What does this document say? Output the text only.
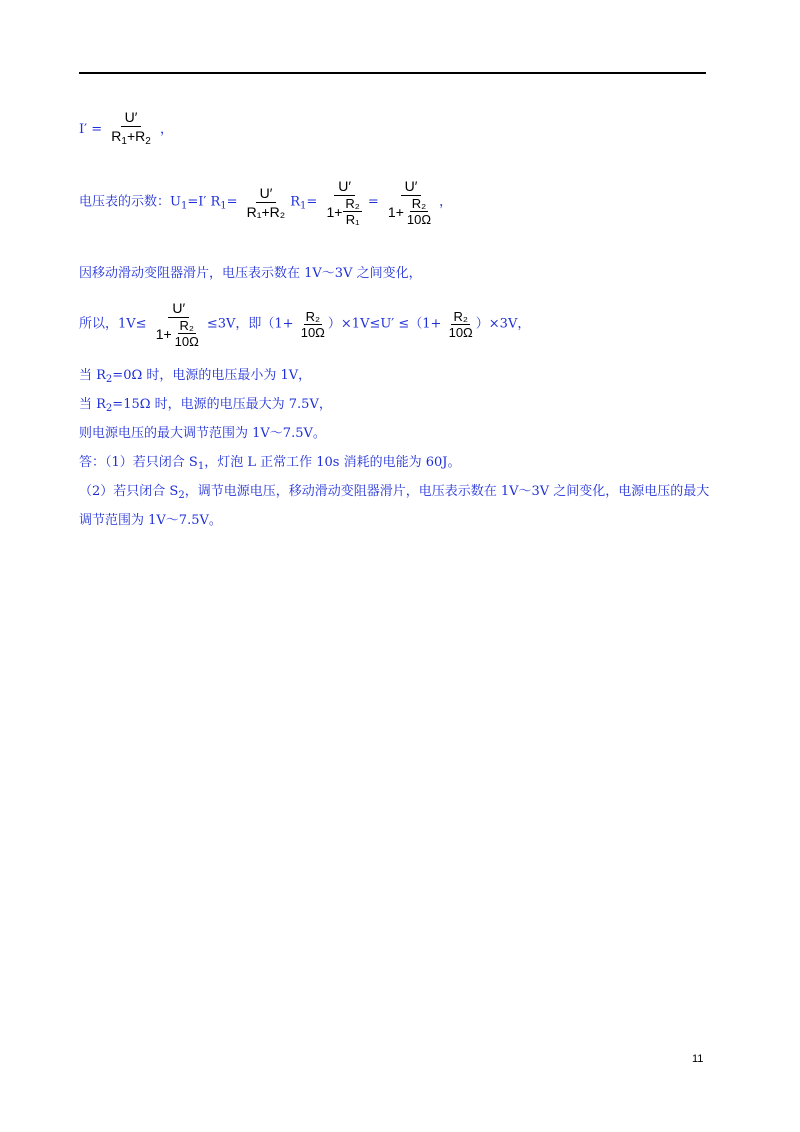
$I' = \frac{U'}{R_1+R_2}$ ，
电压表的示数：$U_1=I'$ $R_1= \frac{U'}{\text{R₁+R₂}} R_1= \frac{U'}{1+ \frac{\text{R₂}}{\text{R₁}}} = \frac{U'}{1+ \frac{\text{R₂}}{10\Omega}}$ ，
因移动滑动变阻器滑片，电压表示数在 1V～3V 之间变化，
所以，$1V\le \frac{U'}{1+ \frac{\text{R₂}}{10\Omega}} \le 3V$，即$(1+ \frac{\text{R₂}}{10\Omega} )\times 1V\le U' \le(1+ \frac{\text{R₂}}{10\Omega} )\times 3V$，
当 $R_2=0\Omega$ 时，电源的电压最小为 1V，
当 $R_2=15\Omega$ 时，电源的电压最大为 7.5V，
则电源电压的最大调节范围为 1V～7.5V。
答：（1）若只闭合 $S_1$，灯泡 L 正常工作 10s 消耗的电能为 60J。
（2）若只闭合 $S_2$，调节电源电压，移动滑动变阻器滑片，电压表示数在 1V～3V 之间变化，电源电压的最大
调节范围为 1V～7.5V。
11
